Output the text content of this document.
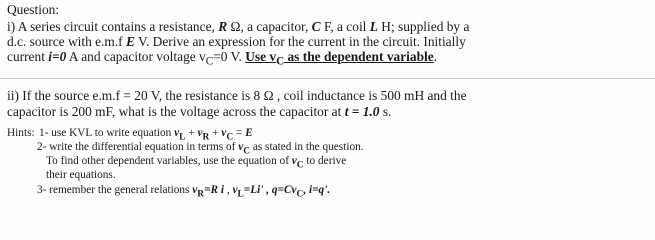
Question:
i) A series circuit contains a resistance, R Ω, a capacitor, C F, a coil L H; supplied by a
d.c. source with e.m.f E V. Derive an expression for the current in the circuit. Initially
current i=0 A and capacitor voltage $v_C=0$ V. Use $v_C$ as the dependent variable.
ii) If the source e.m.f = 20 V, the resistance is 8 Ω , coil inductance is 500 mH and the
capacitor is 200 mF, what is the voltage across the capacitor at t = 1.0 s.
Hints: 1- use KVL to write equation $v_L + v_R + v_C = E$
2- write the differential equation in terms of $v_C$ as stated in the question.
To find other dependent variables, use the equation of $v_C$ to derive
their equations.
3- remember the general relations $v_R=R$ i , $v_L=Li'$ , $q=Cv_C$, i=q'.
